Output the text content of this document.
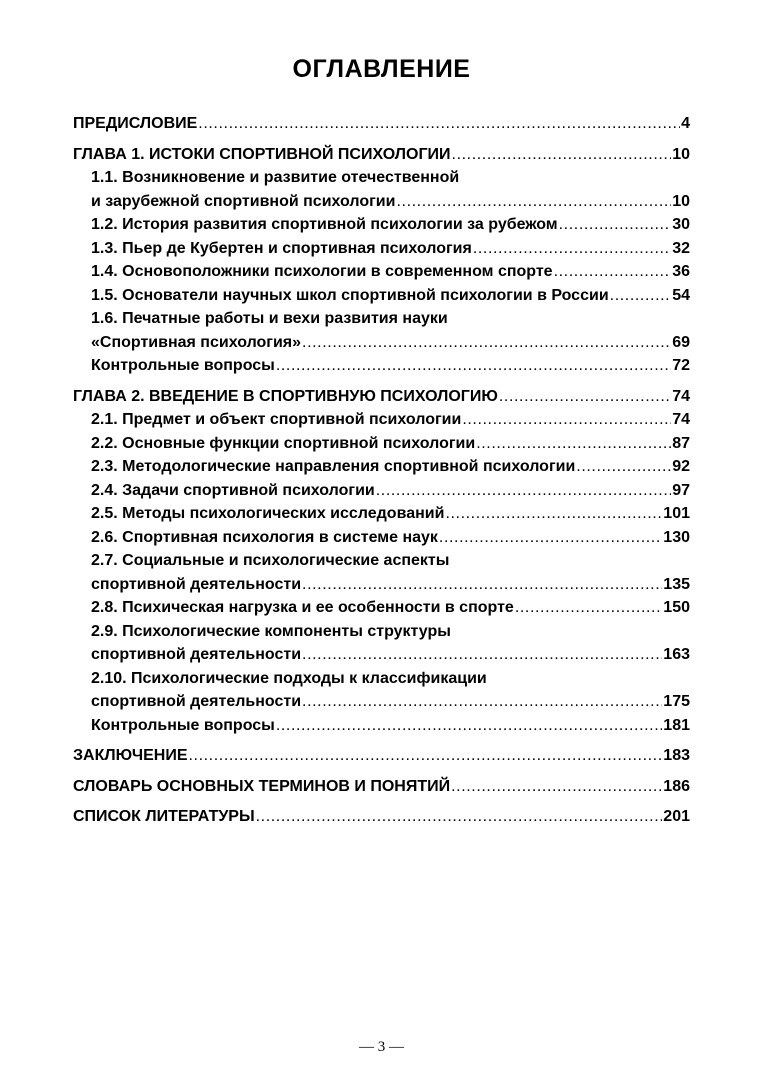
ОГЛАВЛЕНИЕ
ПРЕДИСЛОВИЕ .....	4
ГЛАВА 1. ИСТОКИ СПОРТИВНОЙ ПСИХОЛОГИИ .....	10
1.1. Возникновение и развитие отечественной
и зарубежной спортивной психологии .....	10
1.2. История развития спортивной психологии за рубежом .....	30
1.3. Пьер де Кубертен и спортивная психология .....	32
1.4. Основоположники психологии в современном спорте .....	36
1.5. Основатели научных школ спортивной психологии в России .....	54
1.6. Печатные работы и вехи развития науки
«Спортивная психология» .....	69
Контрольные вопросы .....	72
ГЛАВА 2. ВВЕДЕНИЕ В СПОРТИВНУЮ ПСИХОЛОГИЮ .....	74
2.1. Предмет и объект спортивной психологии .....	74
2.2. Основные функции спортивной психологии .....	87
2.3. Методологические направления спортивной психологии .....	92
2.4. Задачи спортивной психологии .....	97
2.5. Методы психологических исследований .....	101
2.6. Спортивная психология в системе наук .....	130
2.7. Социальные и психологические аспекты
спортивной деятельности .....	135
2.8. Психическая нагрузка и ее особенности в спорте .....	150
2.9. Психологические компоненты структуры
спортивной деятельности .....	163
2.10. Психологические подходы к классификации
спортивной деятельности .....	175
Контрольные вопросы .....	181
ЗАКЛЮЧЕНИЕ .....	183
СЛОВАРЬ ОСНОВНЫХ ТЕРМИНОВ И ПОНЯТИЙ .....	186
СПИСОК ЛИТЕРАТУРЫ .....	201
— 3 —
